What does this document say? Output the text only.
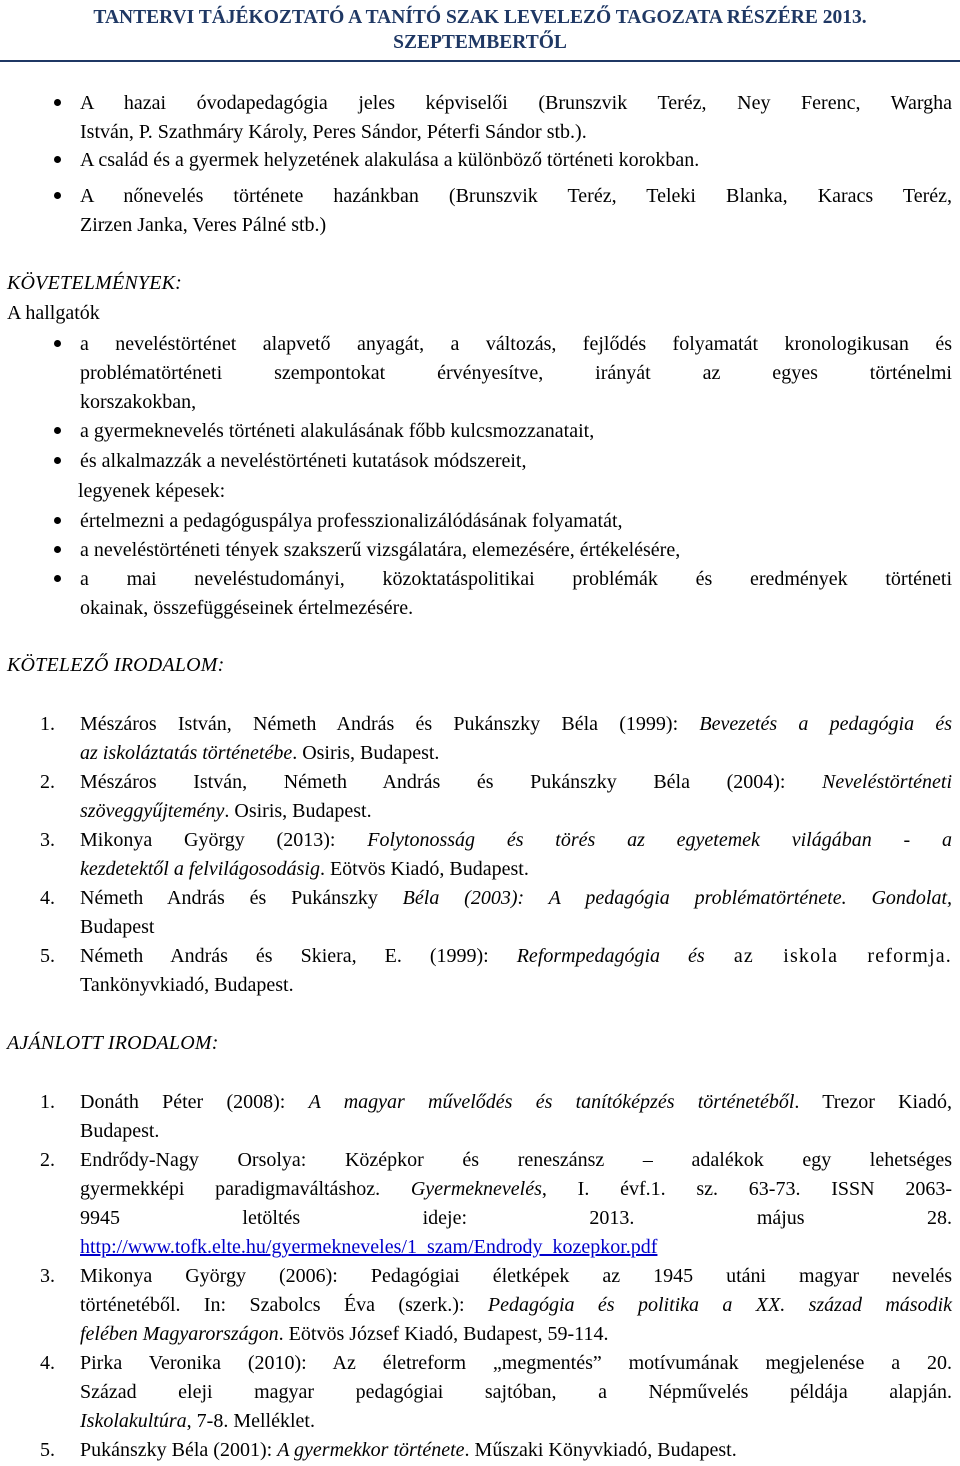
TANTERVI TÁJÉKOZTATÓ A TANÍTÓ SZAK LEVELEZŐ TAGOZATA RÉSZÉRE 2013.
SZEPTEMBERTŐL
A hazai óvodapedagógia jeles képviselői (Brunszvik Teréz, Ney Ferenc, Wargha
István, P. Szathmáry Károly, Peres Sándor, Péterfi Sándor stb.).
A család és a gyermek helyzetének alakulása a különböző történeti korokban.
A nőnevelés története hazánkban (Brunszvik Teréz, Teleki Blanka, Karacs Teréz,
Zirzen Janka, Veres Pálné stb.)
KÖVETELMÉNYEK:
A hallgatók
a neveléstörténet alapvető anyagát, a változás, fejlődés folyamatát kronologikusan és
problématörténeti szempontokat érvényesítve, irányát az egyes történelmi
korszakokban,
a gyermeknevelés történeti alakulásának főbb kulcsmozzanatait,
és alkalmazzák a neveléstörténeti kutatások módszereit,
legyenek képesek:
értelmezni a pedagóguspálya professzionalizálódásának folyamatát,
a neveléstörténeti tények szakszerű vizsgálatára, elemezésére, értékelésére,
a mai neveléstudományi, közoktatáspolitikai problémák és eredmények történeti
okainak, összefüggéseinek értelmezésére.
KÖTELEZŐ IRODALOM:
1. Mészáros István, Németh András és Pukánszky Béla (1999): Bevezetés a pedagógia és
az iskoláztatás történetébe. Osiris, Budapest.
2. Mészáros István, Németh András és Pukánszky Béla (2004): Neveléstörténeti
szöveggyűjtemény. Osiris, Budapest.
3. Mikonya György (2013): Folytonosság és törés az egyetemek világában - a
kezdetektől a felvilágosodásig. Eötvös Kiadó, Budapest.
4. Németh András és Pukánszky Béla (2003): A pedagógia problématörténete. Gondolat,
Budapest
5. Németh András és Skiera, E. (1999): Reformpedagógia és az iskola reformja.
Tankönyvkiadó, Budapest.
AJÁNLOTT IRODALOM:
1. Donáth Péter (2008): A magyar művelődés és tanítóképzés történetéből. Trezor Kiadó,
Budapest.
2. Endrődy-Nagy Orsolya: Középkor és reneszánsz – adalékok egy lehetséges
gyermekképi paradigmaváltáshoz. Gyermeknevelés, I. évf.1. sz. 63-73. ISSN 2063-
9945 letöltés ideje: 2013. május 28.
http://www.tofk.elte.hu/gyermekneveles/1_szam/Endrody_kozepkor.pdf
3. Mikonya György (2006): Pedagógiai életképek az 1945 utáni magyar nevelés
történetéből. In: Szabolcs Éva (szerk.): Pedagógia és politika a XX. század második
felében Magyarországon. Eötvös József Kiadó, Budapest, 59-114.
4. Pirka Veronika (2010): Az életreform „megmentés” motívumának megjelenése a 20.
Század eleji magyar pedagógiai sajtóban, a Népművelés példája alapján.
Iskolakultúra, 7-8. Melléklet.
5. Pukánszky Béla (2001): A gyermekkor története. Műszaki Könyvkiadó, Budapest.
